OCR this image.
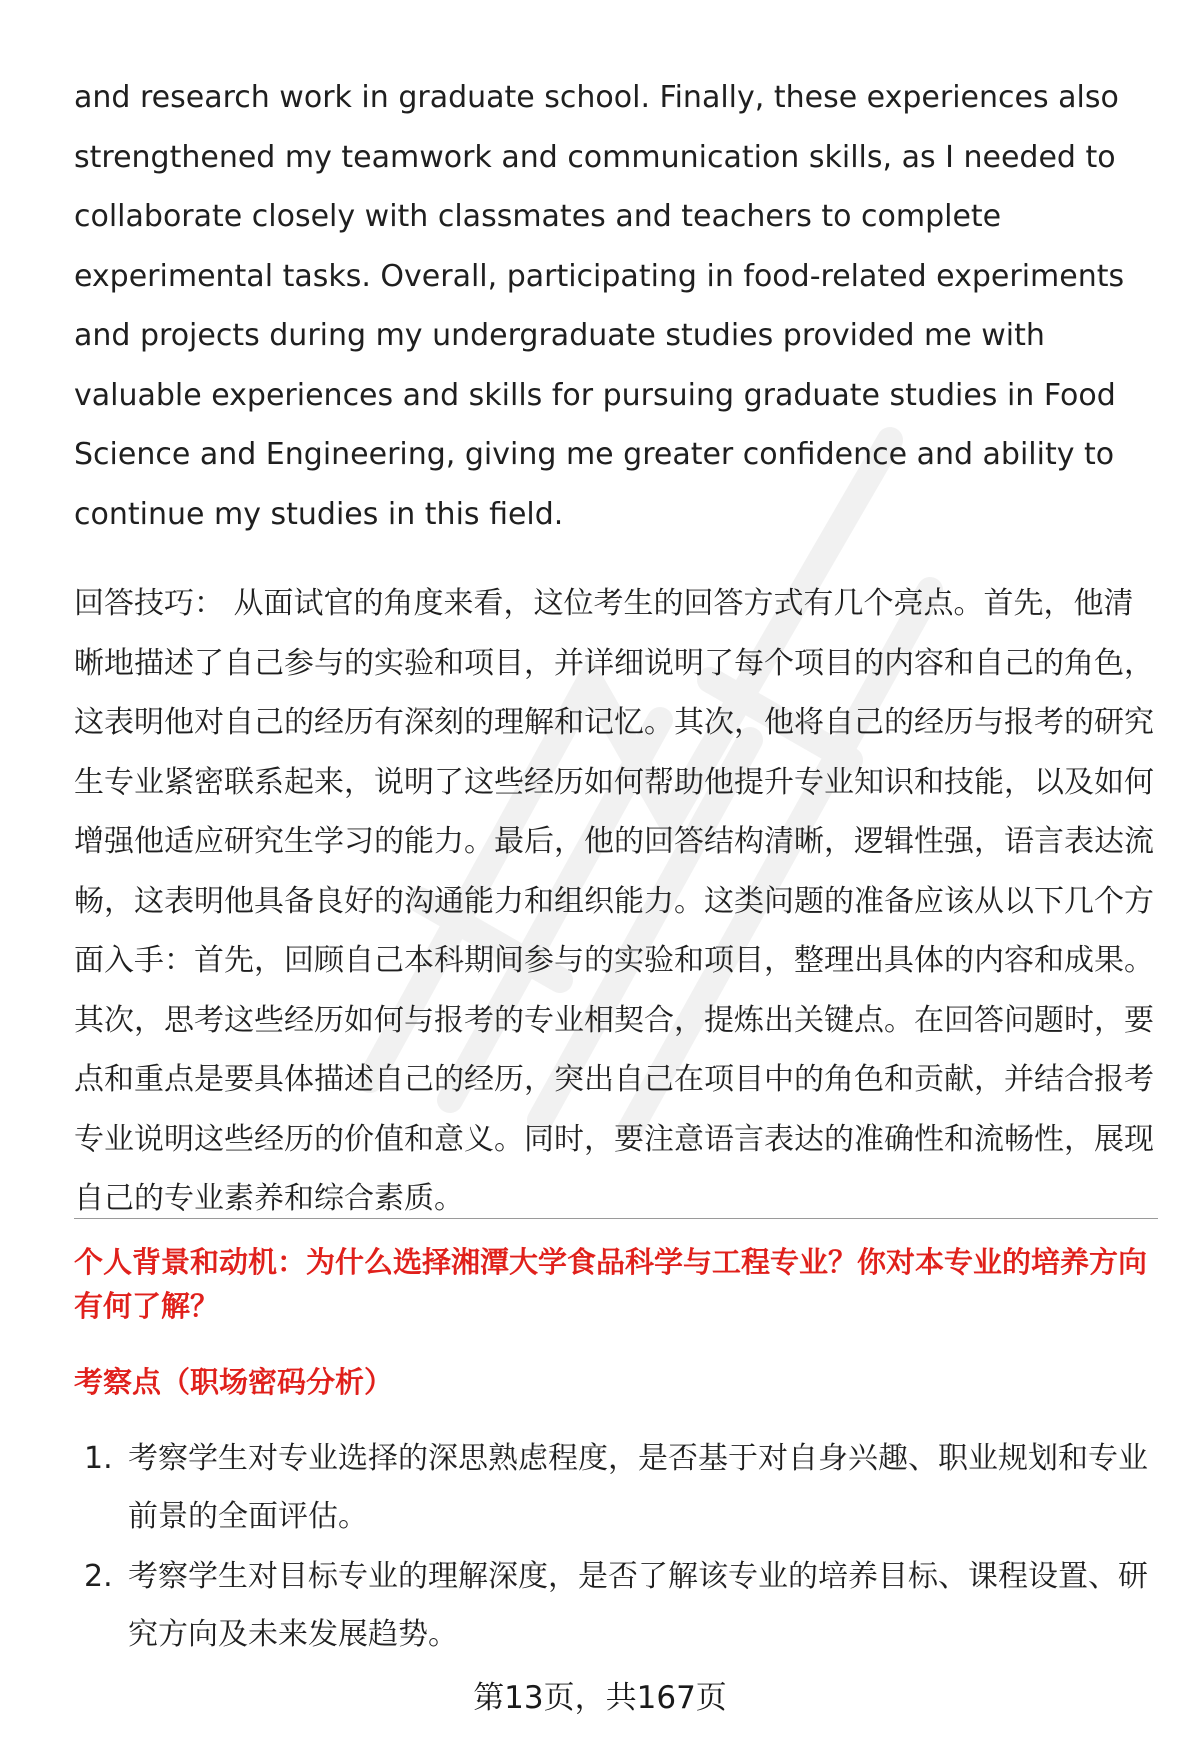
and research work in graduate school. Finally, these experiences also strengthened my teamwork and communication skills, as I needed to collaborate closely with classmates and teachers to complete experimental tasks. Overall, participating in food-related experiments and projects during my undergraduate studies provided me with valuable experiences and skills for pursuing graduate studies in Food Science and Engineering, giving me greater confidence and ability to continue my studies in this field.

回答技巧： 从面试官的角度来看，这位考生的回答方式有几个亮点。首先，他清晰地描述了自己参与的实验和项目，并详细说明了每个项目的内容和自己的角色，这表明他对自己的经历有深刻的理解和记忆。其次，他将自己的经历与报考的研究生专业紧密联系起来，说明了这些经历如何帮助他提升专业知识和技能，以及如何增强他适应研究生学习的能力。最后，他的回答结构清晰，逻辑性强，语言表达流畅，这表明他具备良好的沟通能力和组织能力。这类问题的准备应该从以下几个方面入手：首先，回顾自己本科期间参与的实验和项目，整理出具体的内容和成果。其次，思考这些经历如何与报考的专业相契合，提炼出关键点。在回答问题时，要点和重点是要具体描述自己的经历，突出自己在项目中的角色和贡献，并结合报考专业说明这些经历的价值和意义。同时，要注意语言表达的准确性和流畅性，展现自己的专业素养和综合素质。

个人背景和动机：为什么选择湘潭大学食品科学与工程专业？你对本专业的培养方向有何了解？
考察点（职场密码分析）
1. 考察学生对专业选择的深思熟虑程度，是否基于对自身兴趣、职业规划和专业前景的全面评估。
2. 考察学生对目标专业的理解深度，是否了解该专业的培养目标、课程设置、研究方向及未来发展趋势。
第13页，共167页
